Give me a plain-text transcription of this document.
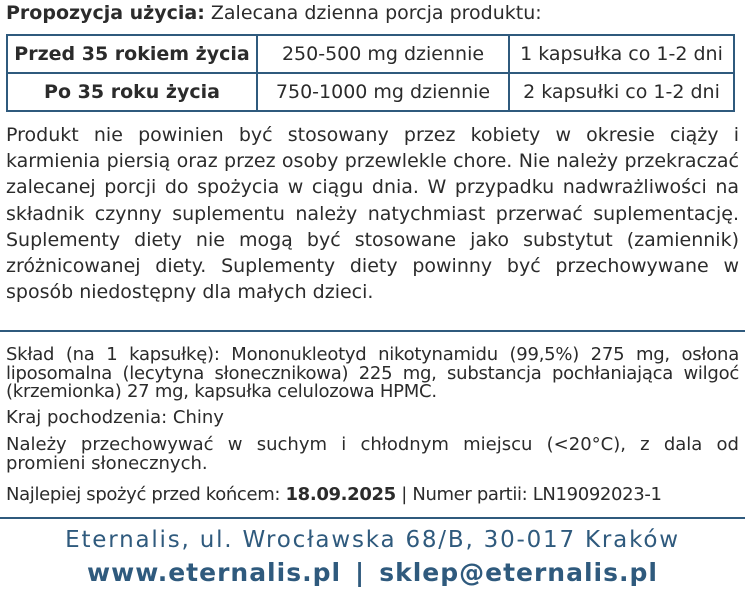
Propozycja użycia: Zalecana dzienna porcja produktu:
Przed 35 rokiem życia	250-500 mg dziennie	1 kapsułka co 1-2 dni
Po 35 roku życia	750-1000 mg dziennie	2 kapsułki co 1-2 dni
Produkt nie powinien być stosowany przez kobiety w okresie ciąży i karmienia piersią oraz przez osoby przewlekle chore. Nie należy przekraczać zalecanej porcji do spożycia w ciągu dnia. W przypadku nadwrażliwości na składnik czynny suplementu należy natychmiast przerwać suplementację. Suplementy diety nie mogą być stosowane jako substytut (zamiennik) zróżnicowanej diety. Suplementy diety powinny być przechowywane w sposób niedostępny dla małych dzieci.
Skład (na 1 kapsułkę): Mononukleotyd nikotynamidu (99,5%) 275 mg, osłona liposomalna (lecytyna słonecznikowa) 225 mg, substancja pochłaniająca wilgoć (krzemionka) 27 mg, kapsułka celulozowa HPMC.
Kraj pochodzenia: Chiny
Należy przechowywać w suchym i chłodnym miejscu (<20°C), z dala od promieni słonecznych.
Najlepiej spożyć przed końcem: 18.09.2025 | Numer partii: LN19092023-1
Eternalis, ul. Wrocławska 68/B, 30-017 Kraków
www.eternalis.pl | sklep@eternalis.pl
